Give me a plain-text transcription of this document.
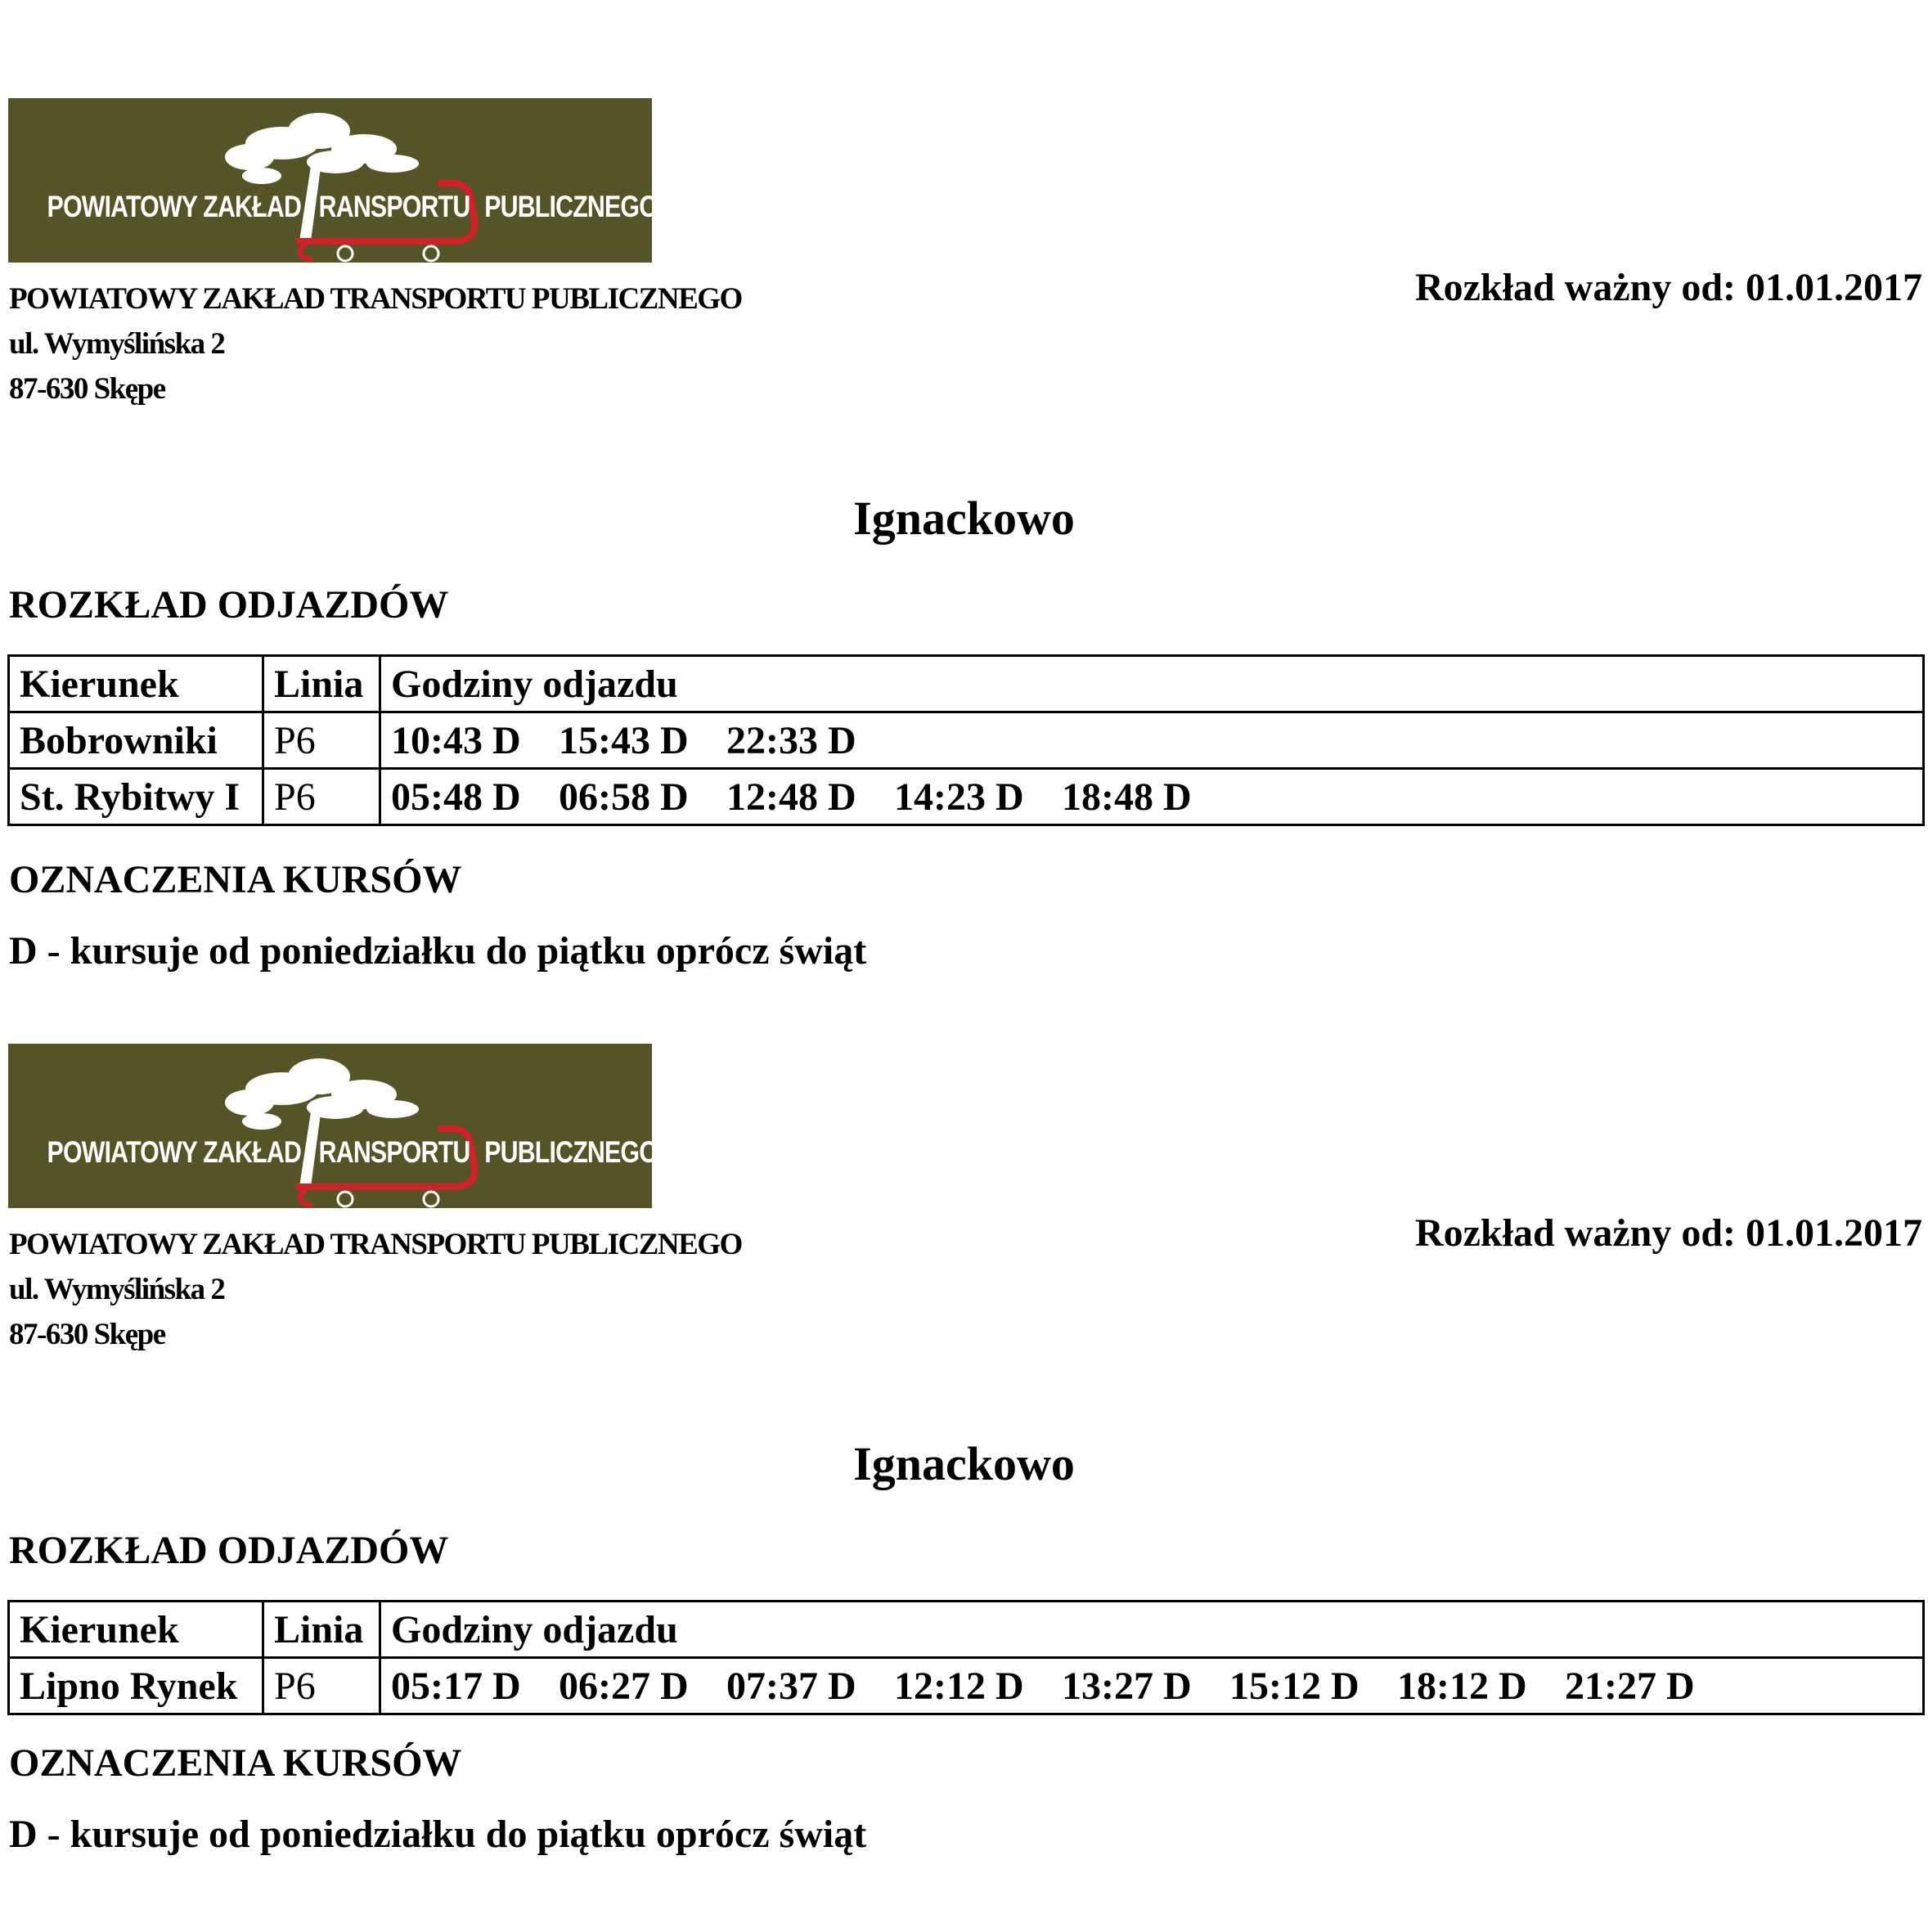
POWIATOWY ZAKŁAD RANSPORTU PUBLICZNEGO
POWIATOWY ZAKŁAD TRANSPORTU PUBLICZNEGO
ul. Wymyślińska 2
87-630 Skępe
Rozkład ważny od: 01.01.2017
Ignackowo
ROZKŁAD ODJAZDÓW
Kierunek	Linia	Godziny odjazdu
Bobrowniki	P6	10:43 D 15:43 D 22:33 D
St. Rybitwy I	P6	05:48 D 06:58 D 12:48 D 14:23 D 18:48 D
OZNACZENIA KURSÓW
D - kursuje od poniedziałku do piątku oprócz świąt
POWIATOWY ZAKŁAD RANSPORTU PUBLICZNEGO
POWIATOWY ZAKŁAD TRANSPORTU PUBLICZNEGO
ul. Wymyślińska 2
87-630 Skępe
Rozkład ważny od: 01.01.2017
Ignackowo
ROZKŁAD ODJAZDÓW
Kierunek	Linia	Godziny odjazdu
Lipno Rynek	P6	05:17 D 06:27 D 07:37 D 12:12 D 13:27 D 15:12 D 18:12 D 21:27 D
OZNACZENIA KURSÓW
D - kursuje od poniedziałku do piątku oprócz świąt
